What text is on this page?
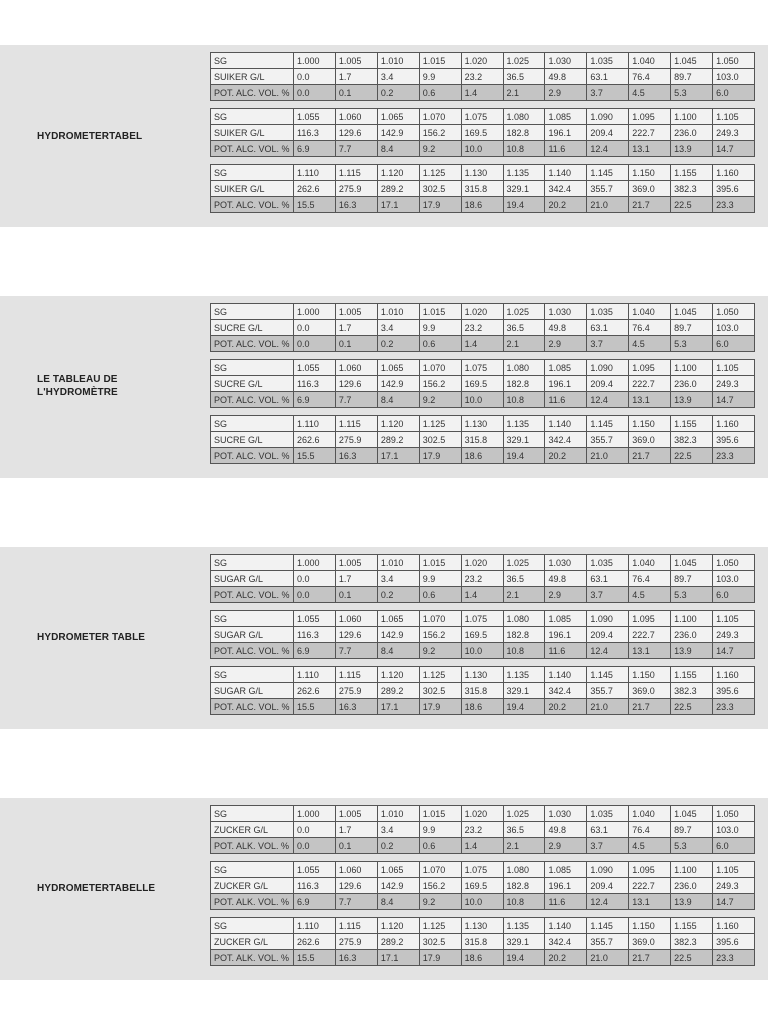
HYDROMETERTABEL
SG	1.000	1.005	1.010	1.015	1.020	1.025	1.030	1.035	1.040	1.045	1.050
SUIKER G/L	0.0	1.7	3.4	9.9	23.2	36.5	49.8	63.1	76.4	89.7	103.0
POT. ALC. VOL. %	0.0	0.1	0.2	0.6	1.4	2.1	2.9	3.7	4.5	5.3	6.0
SG	1.055	1.060	1.065	1.070	1.075	1.080	1.085	1.090	1.095	1.100	1.105
SUIKER G/L	116.3	129.6	142.9	156.2	169.5	182.8	196.1	209.4	222.7	236.0	249.3
POT. ALC. VOL. %	6.9	7.7	8.4	9.2	10.0	10.8	11.6	12.4	13.1	13.9	14.7
SG	1.110	1.115	1.120	1.125	1.130	1.135	1.140	1.145	1.150	1.155	1.160
SUIKER G/L	262.6	275.9	289.2	302.5	315.8	329.1	342.4	355.7	369.0	382.3	395.6
POT. ALC. VOL. %	15.5	16.3	17.1	17.9	18.6	19.4	20.2	21.0	21.7	22.5	23.3
LE TABLEAU DE L'HYDROMÈTRE
SG	1.000	1.005	1.010	1.015	1.020	1.025	1.030	1.035	1.040	1.045	1.050
SUCRE G/L	0.0	1.7	3.4	9.9	23.2	36.5	49.8	63.1	76.4	89.7	103.0
POT. ALC. VOL. %	0.0	0.1	0.2	0.6	1.4	2.1	2.9	3.7	4.5	5.3	6.0
SG	1.055	1.060	1.065	1.070	1.075	1.080	1.085	1.090	1.095	1.100	1.105
SUCRE G/L	116.3	129.6	142.9	156.2	169.5	182.8	196.1	209.4	222.7	236.0	249.3
POT. ALC. VOL. %	6.9	7.7	8.4	9.2	10.0	10.8	11.6	12.4	13.1	13.9	14.7
SG	1.110	1.115	1.120	1.125	1.130	1.135	1.140	1.145	1.150	1.155	1.160
SUCRE G/L	262.6	275.9	289.2	302.5	315.8	329.1	342.4	355.7	369.0	382.3	395.6
POT. ALC. VOL. %	15.5	16.3	17.1	17.9	18.6	19.4	20.2	21.0	21.7	22.5	23.3
HYDROMETER TABLE
SG	1.000	1.005	1.010	1.015	1.020	1.025	1.030	1.035	1.040	1.045	1.050
SUGAR G/L	0.0	1.7	3.4	9.9	23.2	36.5	49.8	63.1	76.4	89.7	103.0
POT. ALC. VOL. %	0.0	0.1	0.2	0.6	1.4	2.1	2.9	3.7	4.5	5.3	6.0
SG	1.055	1.060	1.065	1.070	1.075	1.080	1.085	1.090	1.095	1.100	1.105
SUGAR G/L	116.3	129.6	142.9	156.2	169.5	182.8	196.1	209.4	222.7	236.0	249.3
POT. ALC. VOL. %	6.9	7.7	8.4	9.2	10.0	10.8	11.6	12.4	13.1	13.9	14.7
SG	1.110	1.115	1.120	1.125	1.130	1.135	1.140	1.145	1.150	1.155	1.160
SUGAR G/L	262.6	275.9	289.2	302.5	315.8	329.1	342.4	355.7	369.0	382.3	395.6
POT. ALC. VOL. %	15.5	16.3	17.1	17.9	18.6	19.4	20.2	21.0	21.7	22.5	23.3
HYDROMETERTABELLE
SG	1.000	1.005	1.010	1.015	1.020	1.025	1.030	1.035	1.040	1.045	1.050
ZUCKER G/L	0.0	1.7	3.4	9.9	23.2	36.5	49.8	63.1	76.4	89.7	103.0
POT. ALK. VOL. %	0.0	0.1	0.2	0.6	1.4	2.1	2.9	3.7	4.5	5.3	6.0
SG	1.055	1.060	1.065	1.070	1.075	1.080	1.085	1.090	1.095	1.100	1.105
ZUCKER G/L	116.3	129.6	142.9	156.2	169.5	182.8	196.1	209.4	222.7	236.0	249.3
POT. ALK. VOL. %	6.9	7.7	8.4	9.2	10.0	10.8	11.6	12.4	13.1	13.9	14.7
SG	1.110	1.115	1.120	1.125	1.130	1.135	1.140	1.145	1.150	1.155	1.160
ZUCKER G/L	262.6	275.9	289.2	302.5	315.8	329.1	342.4	355.7	369.0	382.3	395.6
POT. ALK. VOL. %	15.5	16.3	17.1	17.9	18.6	19.4	20.2	21.0	21.7	22.5	23.3
